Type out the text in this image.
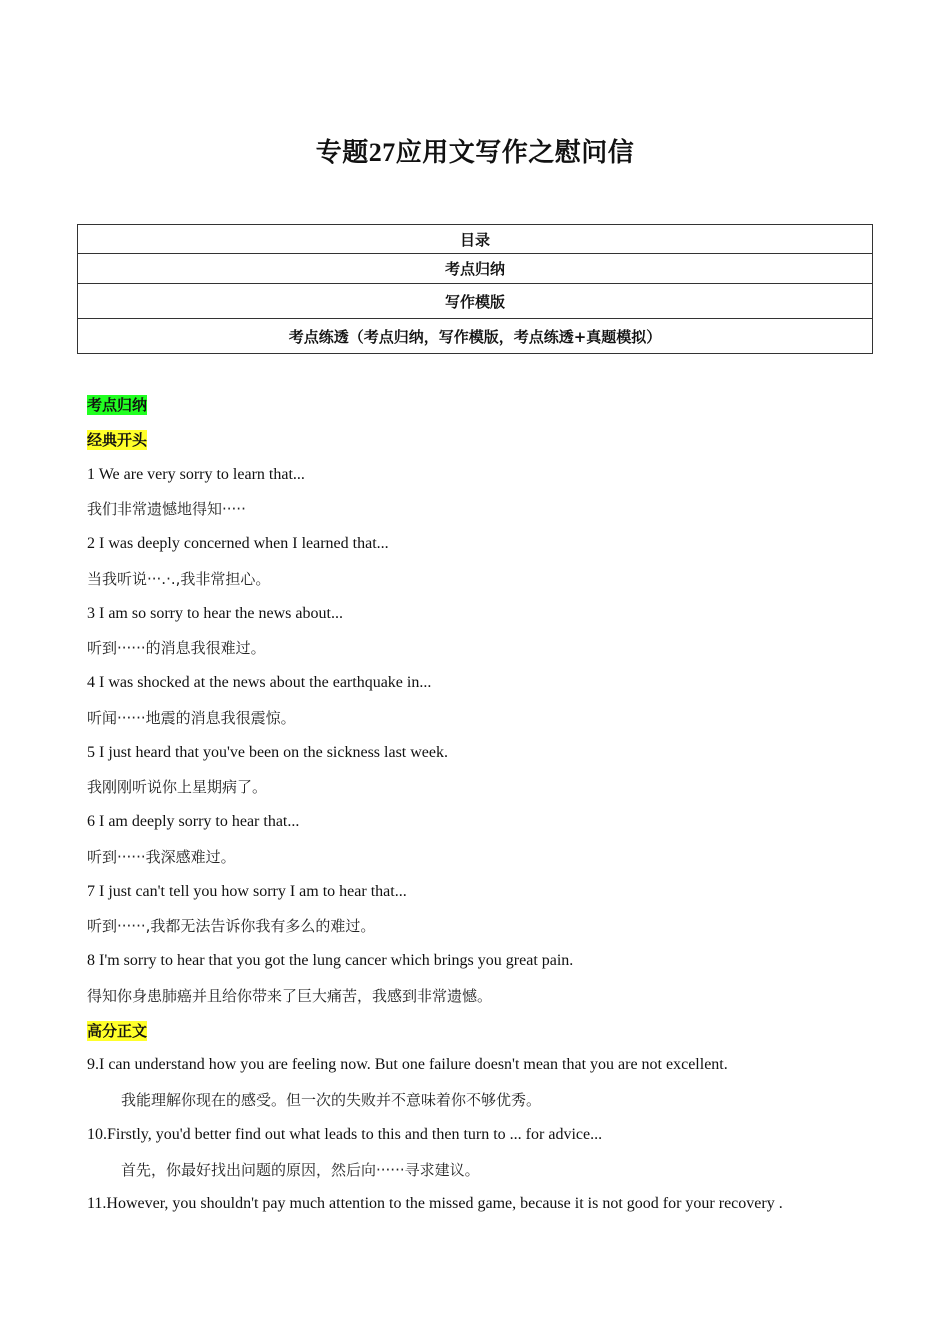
专题27应用文写作之慰问信
目录
考点归纳
写作模版
考点练透（考点归纳，写作模版，考点练透+真题模拟）
考点归纳
经典开头
1 We are very sorry to learn that...
我们非常遗憾地得知·····
2 I was deeply concerned when I learned that...
当我听说···.·.,我非常担心。
3 I am so sorry to hear the news about...
听到······的消息我很难过。
4 I was shocked at the news about the earthquake in...
听闻······地震的消息我很震惊。
5 I just heard that you've been on the sickness last week.
我刚刚听说你上星期病了。
6 I am deeply sorry to hear that...
听到······我深感难过。
7 I just can't tell you how sorry I am to hear that...
听到······,我都无法告诉你我有多么的难过。
8 I'm sorry to hear that you got the lung cancer which brings you great pain.
得知你身患肺癌并且给你带来了巨大痛苦，我感到非常遗憾。
高分正文
9.I can understand how you are feeling now. But one failure doesn't mean that you are not excellent.
我能理解你现在的感受。但一次的失败并不意味着你不够优秀。
10.Firstly, you'd better find out what leads to this and then turn to ... for advice...
首先，你最好找出问题的原因，然后向······寻求建议。
11.However, you shouldn't pay much attention to the missed game, because it is not good for your recovery .
